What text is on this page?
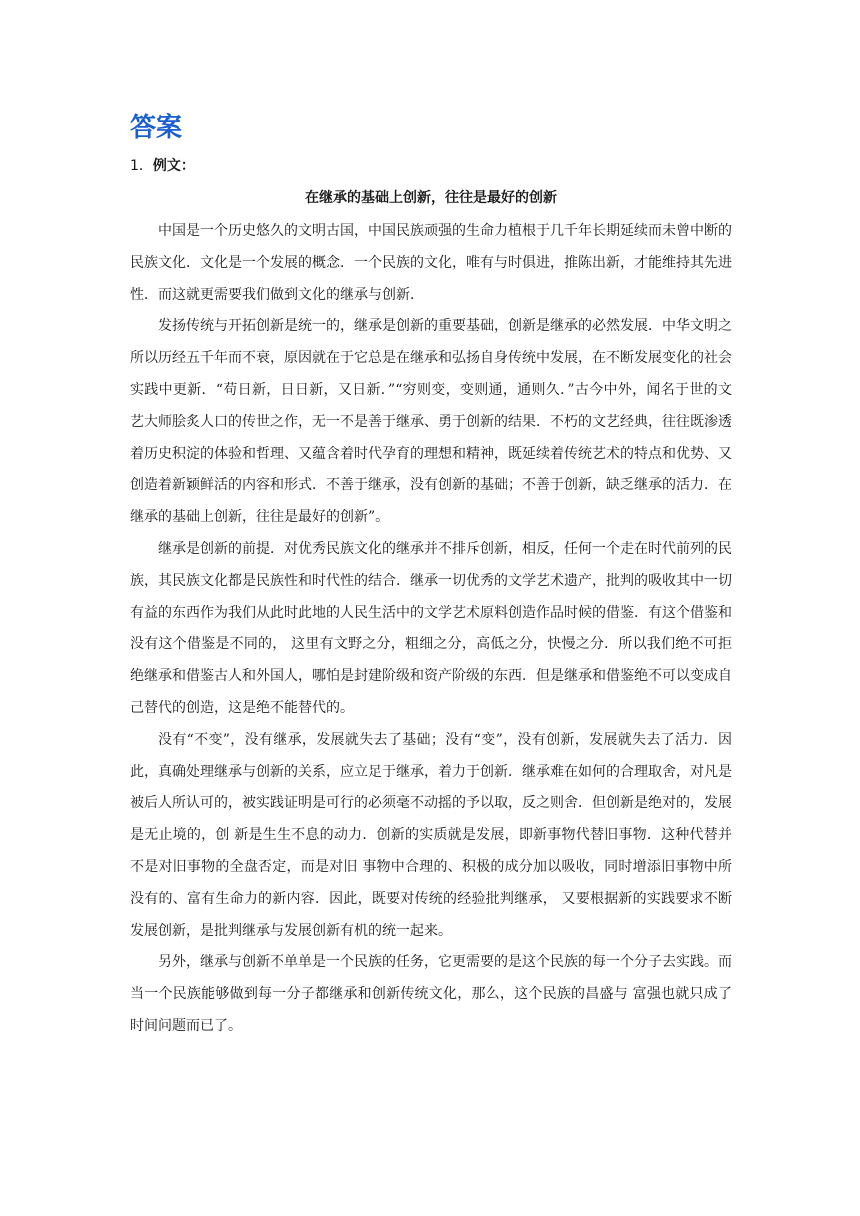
答案
1．例文：
在继承的基础上创新，往往是最好的创新

中国是一个历史悠久的文明古国，中国民族顽强的生命力植根于几千年长期延续而未曾中断的民族文化．文化是一个发展的概念．一个民族的文化，唯有与时俱进，推陈出新，才能维持其先进性．而这就更需要我们做到文化的继承与创新．

发扬传统与开拓创新是统一的，继承是创新的重要基础，创新是继承的必然发展．中华文明之所以历经五千年而不衰，原因就在于它总是在继承和弘扬自身传统中发展，在不断发展变化的社会实践中更新．“苟日新，日日新，又日新．”“穷则变，变则通，通则久．”古今中外，闻名于世的文艺大师脍炙人口的传世之作，无一不是善于继承、勇于创新的结果．不朽的文艺经典，往往既渗透着历史积淀的体验和哲理、又蕴含着时代孕育的理想和精神，既延续着传统艺术的特点和优势、又创造着新颖鲜活的内容和形式．不善于继承，没有创新的基础；不善于创新，缺乏继承的活力．在继承的基础上创新，往往是最好的创新”。

继承是创新的前提．对优秀民族文化的继承并不排斥创新，相反，任何一个走在时代前列的民族，其民族文化都是民族性和时代性的结合．继承一切优秀的文学艺术遗产，批判的吸收其中一切有益的东西作为我们从此时此地的人民生活中的文学艺术原料创造作品时候的借鉴．有这个借鉴和没有这个借鉴是不同的， 这里有文野之分，粗细之分，高低之分，快慢之分．所以我们绝不可拒绝继承和借鉴古人和外国人，哪怕是封建阶级和资产阶级的东西．但是继承和借鉴绝不可以变成自己替代的创造，这是绝不能替代的。

没有“不变”，没有继承，发展就失去了基础；没有“变”，没有创新，发展就失去了活力．因此，真确处理继承与创新的关系，应立足于继承，着力于创新．继承难在如何的合理取舍，对凡是被后人所认可的，被实践证明是可行的必须毫不动摇的予以取，反之则舍．但创新是绝对的，发展是无止境的，创 新是生生不息的动力．创新的实质就是发展，即新事物代替旧事物．这种代替并不是对旧事物的全盘否定，而是对旧 事物中合理的、积极的成分加以吸收，同时增添旧事物中所没有的、富有生命力的新内容．因此，既要对传统的经验批判继承， 又要根据新的实践要求不断发展创新，是批判继承与发展创新有机的统一起来。

另外，继承与创新不单单是一个民族的任务，它更需要的是这个民族的每一个分子去实践。而当一个民族能够做到每一分子都继承和创新传统文化，那么，这个民族的昌盛与 富强也就只成了时间问题而已了。
